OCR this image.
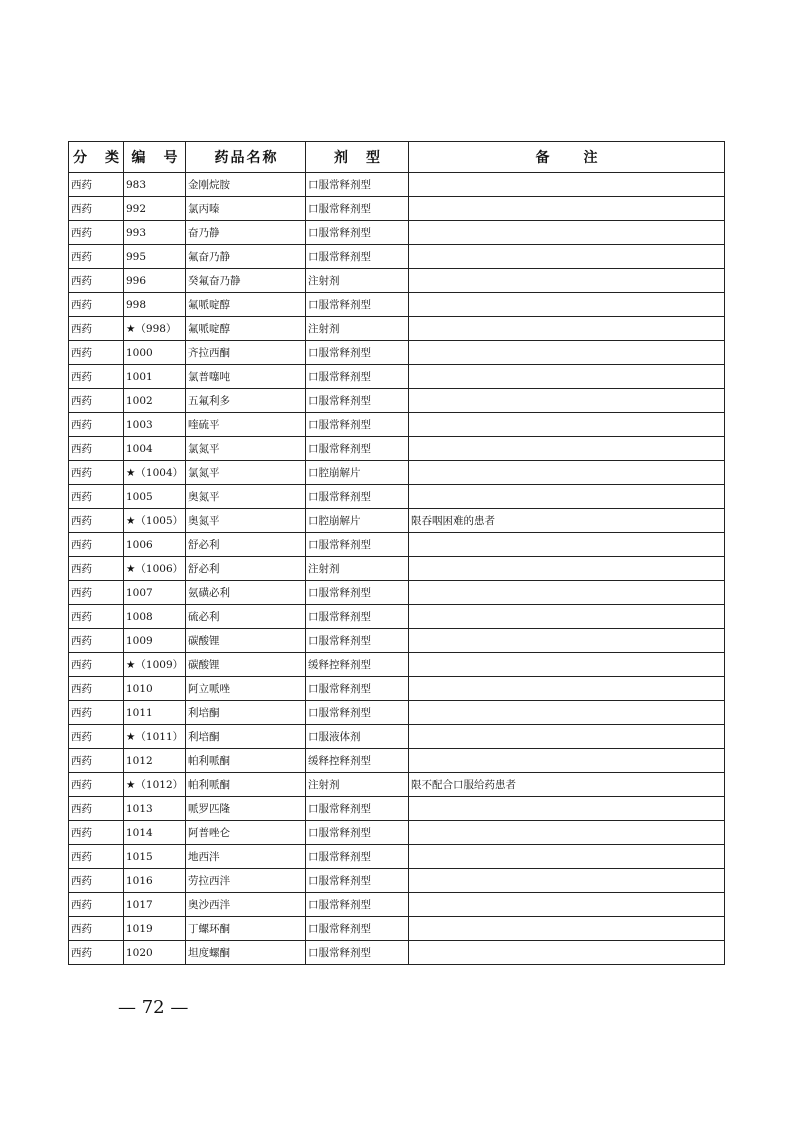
分　类	编　号	药品名称	剂　型	备　　注
西药	983	金刚烷胺	口服常释剂型	
西药	992	氯丙嗪	口服常释剂型	
西药	993	奋乃静	口服常释剂型	
西药	995	氟奋乃静	口服常释剂型	
西药	996	癸氟奋乃静	注射剂	
西药	998	氟哌啶醇	口服常释剂型	
西药	★（998）	氟哌啶醇	注射剂	
西药	1000	齐拉西酮	口服常释剂型	
西药	1001	氯普噻吨	口服常释剂型	
西药	1002	五氟利多	口服常释剂型	
西药	1003	喹硫平	口服常释剂型	
西药	1004	氯氮平	口服常释剂型	
西药	★（1004）	氯氮平	口腔崩解片	
西药	1005	奥氮平	口服常释剂型	
西药	★（1005）	奥氮平	口腔崩解片	限吞咽困难的患者
西药	1006	舒必利	口服常释剂型	
西药	★（1006）	舒必利	注射剂	
西药	1007	氨磺必利	口服常释剂型	
西药	1008	硫必利	口服常释剂型	
西药	1009	碳酸锂	口服常释剂型	
西药	★（1009）	碳酸锂	缓释控释剂型	
西药	1010	阿立哌唑	口服常释剂型	
西药	1011	利培酮	口服常释剂型	
西药	★（1011）	利培酮	口服液体剂	
西药	1012	帕利哌酮	缓释控释剂型	
西药	★（1012）	帕利哌酮	注射剂	限不配合口服给药患者
西药	1013	哌罗匹隆	口服常释剂型	
西药	1014	阿普唑仑	口服常释剂型	
西药	1015	地西泮	口服常释剂型	
西药	1016	劳拉西泮	口服常释剂型	
西药	1017	奥沙西泮	口服常释剂型	
西药	1019	丁螺环酮	口服常释剂型	
西药	1020	坦度螺酮	口服常释剂型	
— 72 —
